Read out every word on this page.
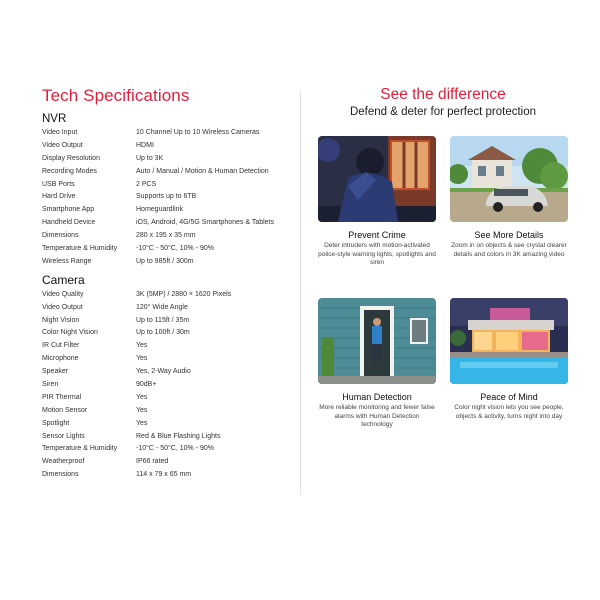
Tech Specifications
NVR
Video Input	10 Channel Up to 10 Wireless Cameras
Video Output	HDMI
Display Resolution	Up to 3K
Recording Modes	Auto / Manual / Motion & Human Detection
USB Ports	2 PCS
Hard Drive	Supports up to 6TB
Smartphone App	Homeguardlink
Handheld Device	iOS, Android, 4G/5G Smartphones & Tablets
Dimensions	280 x 195 x 35 mm
Temperature & Humidity	-10°C - 50°C, 10% - 90%
Wireless Range	Up to 985ft / 300m
Camera
Video Quality	3K (5MP) / 2880 × 1620 Pixels
Video Output	120° Wide Angle
Night Vision	Up to 115ft / 35m
Color Night Vision	Up to 100ft / 30m
IR Cut Filter	Yes
Microphone	Yes
Speaker	Yes, 2-Way Audio
Siren	90dB+
PIR Thermal	Yes
Motion Sensor	Yes
Spotlight	Yes
Sensor Lights	Red & Blue Flashing Lights
Temperature & Humidity	-10°C - 50°C, 10% - 90%
Weatherproof	IP66 rated
Dimensions	114 x 79 x 65 mm
See the difference

Defend & deter for perfect protection

Prevent Crime

Deter intruders with motion-activated police-style warning lights, spotlights and siren

See More Details

Zoom in on objects & see crystal clearer details and colors in 3K amazing video

Human Detection

More reliable monitoring and fewer false alarms with Human Detection technology

Peace of Mind

Color night vision lets you see people, objects & activity, turns night into day
